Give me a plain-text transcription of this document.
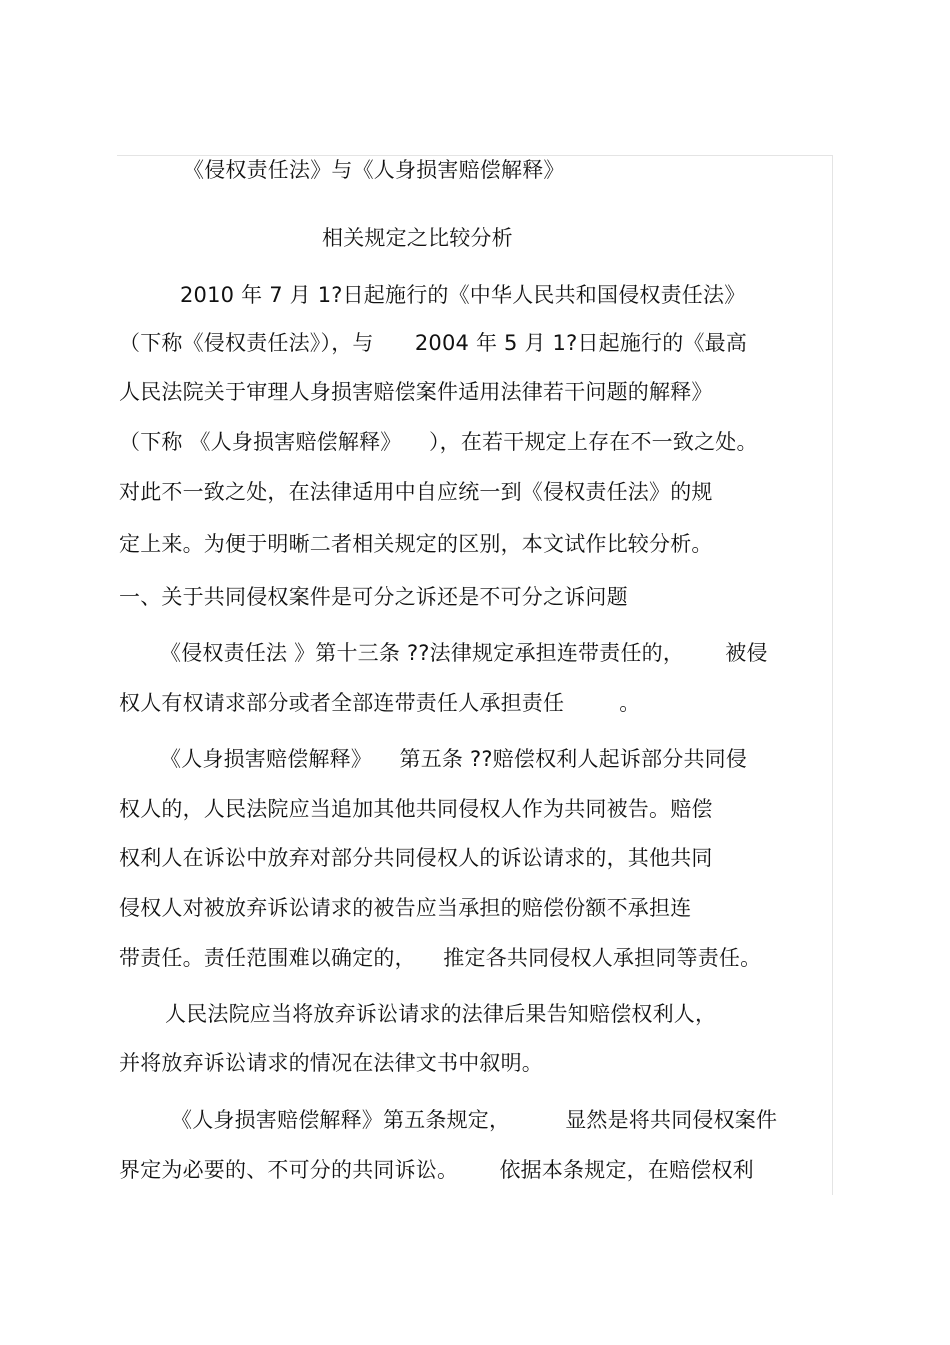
《侵权责任法》与《人身损害赔偿解释》
相关规定之比较分析
2010 年 7 月 1?日起施行的《中华人民共和国侵权责任法》
（下称《侵权责任法》），与      2004 年 5 月 1?日起施行的《最高
人民法院关于审理人身损害赔偿案件适用法律若干问题的解释》
（下称 《人身损害赔偿解释》    ），在若干规定上存在不一致之处。
对此不一致之处，在法律适用中自应统一到《侵权责任法》的规
定上来。为便于明晰二者相关规定的区别，本文试作比较分析。
一、关于共同侵权案件是可分之诉还是不可分之诉问题
《侵权责任法 》第十三条 ??法律规定承担连带责任的，      被侵
权人有权请求部分或者全部连带责任人承担责任        。
《人身损害赔偿解释》    第五条 ??赔偿权利人起诉部分共同侵
权人的，人民法院应当追加其他共同侵权人作为共同被告。赔偿
权利人在诉讼中放弃对部分共同侵权人的诉讼请求的，其他共同
侵权人对被放弃诉讼请求的被告应当承担的赔偿份额不承担连
带责任。责任范围难以确定的，    推定各共同侵权人承担同等责任。
人民法院应当将放弃诉讼请求的法律后果告知赔偿权利人，
并将放弃诉讼请求的情况在法律文书中叙明。
《人身损害赔偿解释》第五条规定，        显然是将共同侵权案件
界定为必要的、不可分的共同诉讼。      依据本条规定，在赔偿权利
